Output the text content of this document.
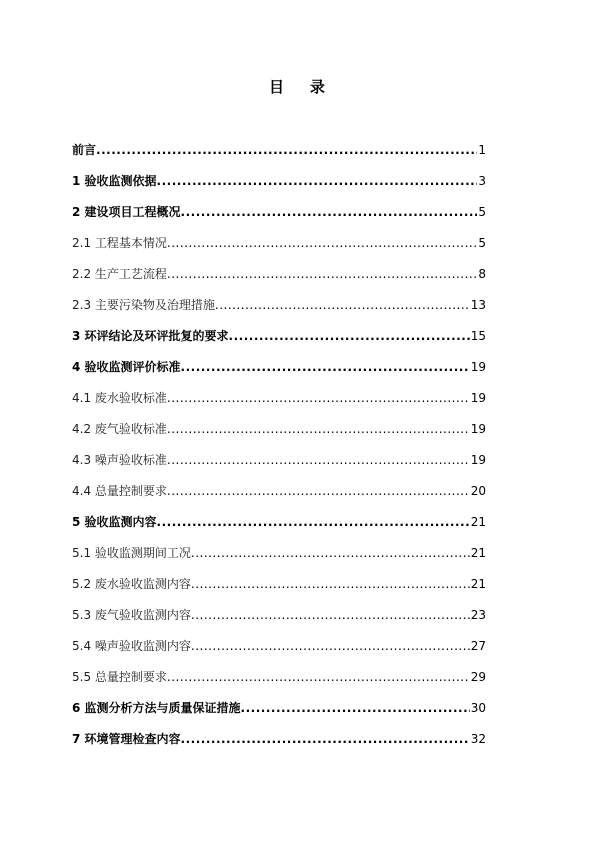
目    录
前言 .....	1
1 验收监测依据 .....	3
2 建设项目工程概况 .....	5
2.1 工程基本情况 .....	5
2.2 生产工艺流程 .....	8
2.3 主要污染物及治理措施 .....	13
3 环评结论及环评批复的要求 .....	15
4 验收监测评价标准 .....	19
4.1 废水验收标准 .....	19
4.2 废气验收标准 .....	19
4.3 噪声验收标准 .....	19
4.4 总量控制要求 .....	20
5 验收监测内容 .....	21
5.1 验收监测期间工况 .....	21
5.2 废水验收监测内容 .....	21
5.3 废气验收监测内容 .....	23
5.4 噪声验收监测内容 .....	27
5.5 总量控制要求 .....	29
6 监测分析方法与质量保证措施 .....	30
7 环境管理检查内容 .....	32
